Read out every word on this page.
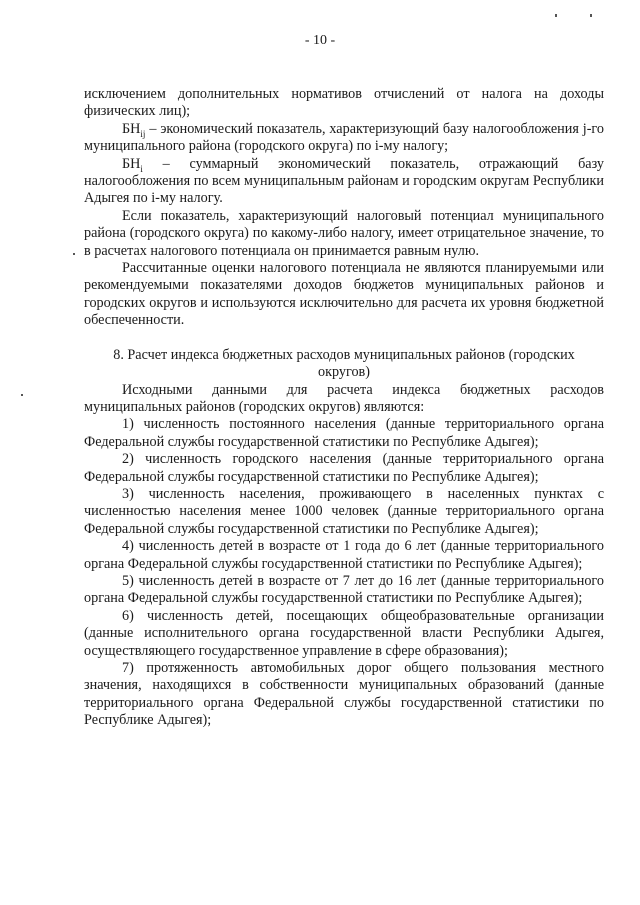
- 10 -

исключением дополнительных нормативов отчислений от налога на доходы физических лиц);

$БН_{ij}$ – экономический показатель, характеризующий базу налогообложения j-го муниципального района (городского округа) по i-му налогу;

$БН_i$ – суммарный экономический показатель, отражающий базу налогообложения по всем муниципальным районам и городским округам Республики Адыгея по i-му налогу.

Если показатель, характеризующий налоговый потенциал муниципального района (городского округа) по какому-либо налогу, имеет отрицательное значение, то в расчетах налогового потенциала он принимается равным нулю.

Рассчитанные оценки налогового потенциала не являются планируемыми или рекомендуемыми показателями доходов бюджетов муниципальных районов и городских округов и используются исключительно для расчета их уровня бюджетной обеспеченности.

8. Расчет индекса бюджетных расходов муниципальных районов (городских округов)

Исходными данными для расчета индекса бюджетных расходов муниципальных районов (городских округов) являются:

1) численность постоянного населения (данные территориального органа Федеральной службы государственной статистики по Республике Адыгея);

2) численность городского населения (данные территориального органа Федеральной службы государственной статистики по Республике Адыгея);

3) численность населения, проживающего в населенных пунктах с численностью населения менее 1000 человек (данные территориального органа Федеральной службы государственной статистики по Республике Адыгея);

4) численность детей в возрасте от 1 года до 6 лет (данные территориального органа Федеральной службы государственной статистики по Республике Адыгея);

5) численность детей в возрасте от 7 лет до 16 лет (данные территориального органа Федеральной службы государственной статистики по Республике Адыгея);

6) численность детей, посещающих общеобразовательные организации (данные исполнительного органа государственной власти Республики Адыгея, осуществляющего государственное управление в сфере образования);

7) протяженность автомобильных дорог общего пользования местного значения, находящихся в собственности муниципальных образований (данные территориального органа Федеральной службы государственной статистики по Республике Адыгея);
